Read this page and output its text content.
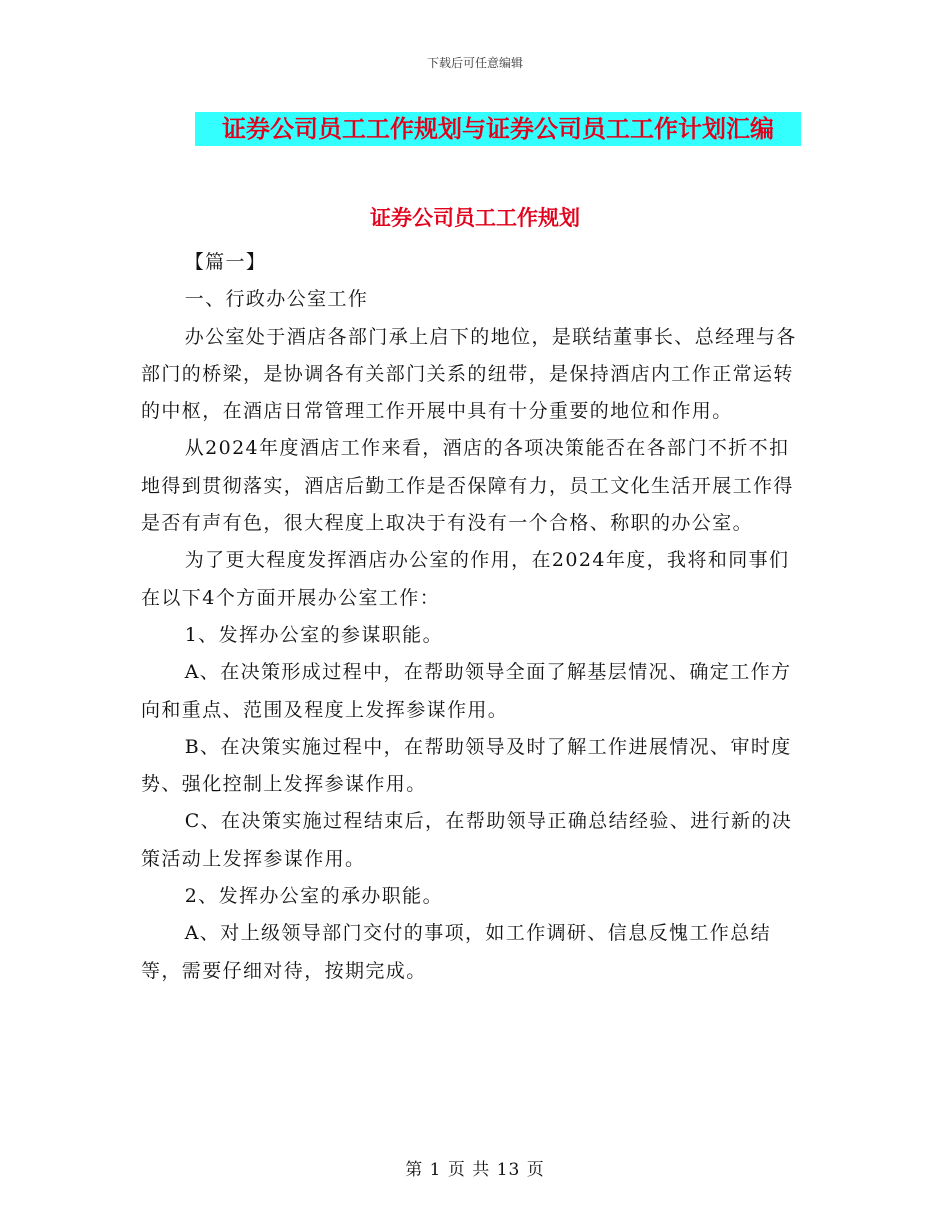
下载后可任意编辑
证券公司员工工作规划与证券公司员工工作计划汇编
证券公司员工工作规划

【篇一】

一、行政办公室工作

办公室处于酒店各部门承上启下的地位，是联结董事长、总经理与各部门的桥梁，是协调各有关部门关系的纽带，是保持酒店内工作正常运转的中枢，在酒店日常管理工作开展中具有十分重要的地位和作用。

从2024年度酒店工作来看，酒店的各项决策能否在各部门不折不扣地得到贯彻落实，酒店后勤工作是否保障有力，员工文化生活开展工作得是否有声有色，很大程度上取决于有没有一个合格、称职的办公室。

为了更大程度发挥酒店办公室的作用，在2024年度，我将和同事们在以下4个方面开展办公室工作：

1、发挥办公室的参谋职能。

A、在决策形成过程中，在帮助领导全面了解基层情况、确定工作方向和重点、范围及程度上发挥参谋作用。

B、在决策实施过程中，在帮助领导及时了解工作进展情况、审时度势、强化控制上发挥参谋作用。

C、在决策实施过程结束后，在帮助领导正确总结经验、进行新的决策活动上发挥参谋作用。

2、发挥办公室的承办职能。

A、对上级领导部门交付的事项，如工作调研、信息反愧工作总结等，需要仔细对待，按期完成。

第 1 页 共 13 页
